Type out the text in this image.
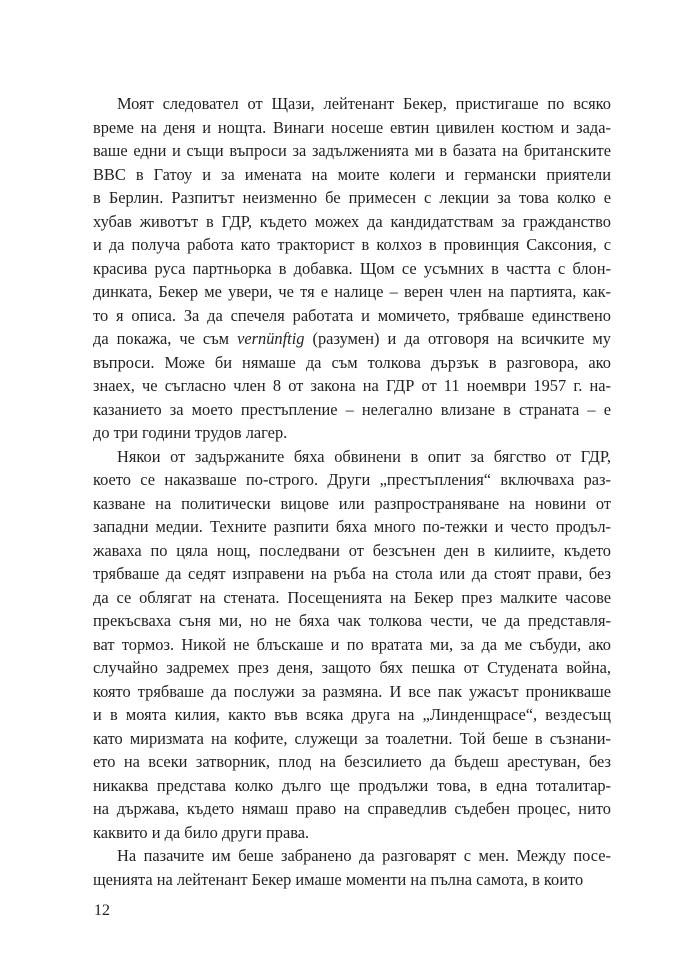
Моят следовател от Щази, лейтенант Бекер, пристигаше по всяко
време на деня и нощта. Винаги носеше евтин цивилен костюм и зада-
ваше едни и същи въпроси за задълженията ми в базата на британските
ВВС в Гатоу и за имената на моите колеги и германски приятели
в Берлин. Разпитът неизменно бе примесен с лекции за това колко е
хубав животът в ГДР, където можех да кандидатствам за гражданство
и да получа работа като тракторист в колхоз в провинция Саксония, с
красива руса партньорка в добавка. Щом се усъмних в частта с блон-
динката, Бекер ме увери, че тя е налице – верен член на партията, как-
то я описа. За да спечеля работата и момичето, трябваше единствено
да покажа, че съм vernünftig (разумен) и да отговоря на всичките му
въпроси. Може би нямаше да съм толкова дързък в разговора, ако
знаех, че съгласно член 8 от закона на ГДР от 11 ноември 1957 г. на-
казанието за моето престъпление – нелегално влизане в страната – е
до три години трудов лагер.

Някои от задържаните бяха обвинени в опит за бягство от ГДР,
което се наказваше по-строго. Други „престъпления“ включваха раз-
казване на политически вицове или разпространяване на новини от
западни медии. Техните разпити бяха много по-тежки и често продъл-
жаваха по цяла нощ, последвани от безсънен ден в килиите, където
трябваше да седят изправени на ръба на стола или да стоят прави, без
да се облягат на стената. Посещенията на Бекер през малките часове
прекъсваха съня ми, но не бяха чак толкова чести, че да представля-
ват тормоз. Никой не блъскаше и по вратата ми, за да ме събуди, ако
случайно задремех през деня, защото бях пешка от Студената война,
която трябваше да послужи за размяна. И все пак ужасът проникваше
и в моята килия, както във всяка друга на „Линденщрасе“, вездесъщ
като миризмата на кофите, служещи за тоалетни. Той беше в съзнани-
ето на всеки затворник, плод на безсилието да бъдеш арестуван, без
никаква представа колко дълго ще продължи това, в една тоталитар-
на държава, където нямаш право на справедлив съдебен процес, нито
каквито и да било други права.

На пазачите им беше забранено да разговарят с мен. Между посе-
щенията на лейтенант Бекер имаше моменти на пълна самота, в които

12
